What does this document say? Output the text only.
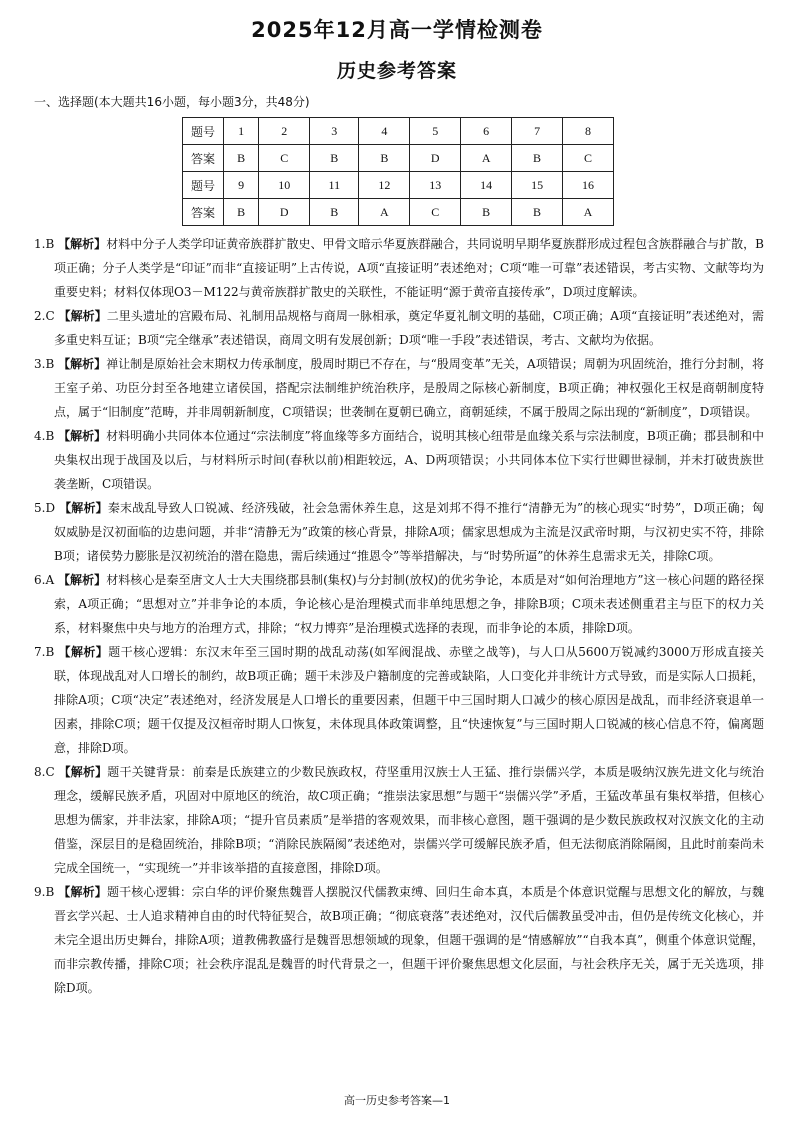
2025年12月高一学情检测卷
历史参考答案
一、选择题(本大题共16小题，每小题3分，共48分)
题号	1	2	3	4	5	6	7	8
答案	B	C	B	B	D	A	B	C
题号	9	10	11	12	13	14	15	16
答案	B	D	B	A	C	B	B	A

1.B 【解析】材料中分子人类学印证黄帝族群扩散史、甲骨文暗示华夏族群融合，共同说明早期华夏族群形成过程包含族群融合与扩散，B项正确；分子人类学是“印证”而非“直接证明”上古传说，A项“直接证明”表述绝对；C项“唯一可靠”表述错误，考古实物、文献等均为重要史料；材料仅体现O3－M122与黄帝族群扩散史的关联性，不能证明“源于黄帝直接传承”，D项过度解读。

2.C 【解析】二里头遗址的宫殿布局、礼制用品规格与商周一脉相承，奠定华夏礼制文明的基础，C项正确；A项“直接证明”表述绝对，需多重史料互证；B项“完全继承”表述错误，商周文明有发展创新；D项“唯一手段”表述错误，考古、文献均为依据。

3.B 【解析】禅让制是原始社会末期权力传承制度，殷周时期已不存在，与“殷周变革”无关，A项错误；周朝为巩固统治，推行分封制，将王室子弟、功臣分封至各地建立诸侯国，搭配宗法制维护统治秩序，是殷周之际核心新制度，B项正确；神权强化王权是商朝制度特点，属于“旧制度”范畴，并非周朝新制度，C项错误；世袭制在夏朝已确立，商朝延续，不属于殷周之际出现的“新制度”，D项错误。

4.B 【解析】材料明确小共同体本位通过“宗法制度”将血缘等多方面结合，说明其核心纽带是血缘关系与宗法制度，B项正确；郡县制和中央集权出现于战国及以后，与材料所示时间(春秋以前)相距较远，A、D两项错误；小共同体本位下实行世卿世禄制，并未打破贵族世袭垄断，C项错误。

5.D 【解析】秦末战乱导致人口锐减、经济残破，社会急需休养生息，这是刘邦不得不推行“清静无为”的核心现实“时势”，D项正确；匈奴威胁是汉初面临的边患问题，并非“清静无为”政策的核心背景，排除A项；儒家思想成为主流是汉武帝时期，与汉初史实不符，排除B项；诸侯势力膨胀是汉初统治的潜在隐患，需后续通过“推恩令”等举措解决，与“时势所逼”的休养生息需求无关，排除C项。

6.A 【解析】材料核心是秦至唐文人士大夫围绕郡县制(集权)与分封制(放权)的优劣争论，本质是对“如何治理地方”这一核心问题的路径探索，A项正确；“思想对立”并非争论的本质，争论核心是治理模式而非单纯思想之争，排除B项；C项未表述侧重君主与臣下的权力关系，材料聚焦中央与地方的治理方式，排除；“权力博弈”是治理模式选择的表现，而非争论的本质，排除D项。

7.B 【解析】题干核心逻辑：东汉末年至三国时期的战乱动荡(如军阀混战、赤壁之战等)，与人口从5600万锐减约3000万形成直接关联，体现战乱对人口增长的制约，故B项正确；题干未涉及户籍制度的完善或缺陷，人口变化并非统计方式导致，而是实际人口损耗，排除A项；C项“决定”表述绝对，经济发展是人口增长的重要因素，但题干中三国时期人口减少的核心原因是战乱，而非经济衰退单一因素，排除C项；题干仅提及汉桓帝时期人口恢复，未体现具体政策调整，且“快速恢复”与三国时期人口锐减的核心信息不符，偏离题意，排除D项。

8.C 【解析】题干关键背景：前秦是氐族建立的少数民族政权，苻坚重用汉族士人王猛、推行崇儒兴学，本质是吸纳汉族先进文化与统治理念，缓解民族矛盾，巩固对中原地区的统治，故C项正确；“推崇法家思想”与题干“崇儒兴学”矛盾，王猛改革虽有集权举措，但核心思想为儒家，并非法家，排除A项；“提升官员素质”是举措的客观效果，而非核心意图，题干强调的是少数民族政权对汉族文化的主动借鉴，深层目的是稳固统治，排除B项；“消除民族隔阂”表述绝对，崇儒兴学可缓解民族矛盾，但无法彻底消除隔阂，且此时前秦尚未完成全国统一，“实现统一”并非该举措的直接意图，排除D项。

9.B 【解析】题干核心逻辑：宗白华的评价聚焦魏晋人摆脱汉代儒教束缚、回归生命本真，本质是个体意识觉醒与思想文化的解放，与魏晋玄学兴起、士人追求精神自由的时代特征契合，故B项正确；“彻底衰落”表述绝对，汉代后儒教虽受冲击，但仍是传统文化核心，并未完全退出历史舞台，排除A项；道教佛教盛行是魏晋思想领域的现象，但题干强调的是“情感解放”“自我本真”，侧重个体意识觉醒，而非宗教传播，排除C项；社会秩序混乱是魏晋的时代背景之一，但题干评价聚焦思想文化层面，与社会秩序无关，属于无关选项，排除D项。

高一历史参考答案—1
